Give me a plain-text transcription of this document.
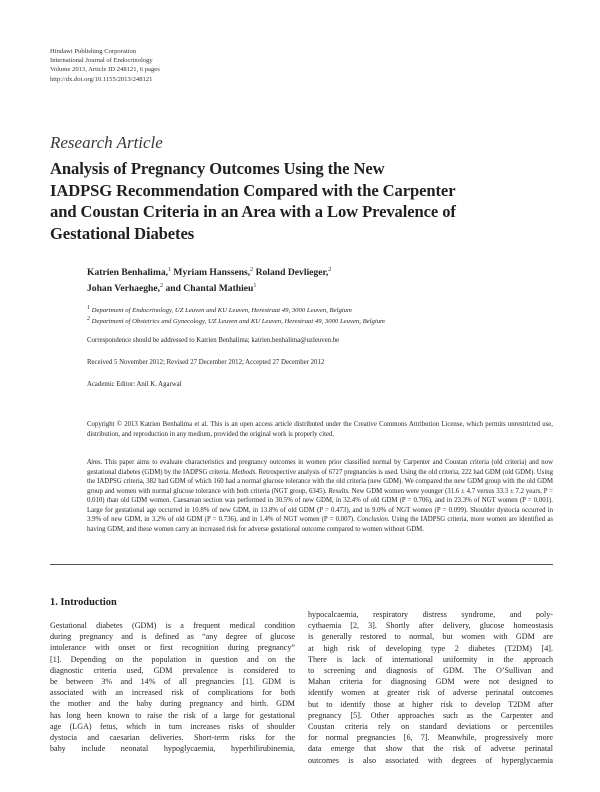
Hindawi Publishing Corporation
International Journal of Endocrinology
Volume 2013, Article ID 248121, 6 pages
http://dx.doi.org/10.1155/2013/248121
Research Article
Analysis of Pregnancy Outcomes Using the New
IADPSG Recommendation Compared with the Carpenter
and Coustan Criteria in an Area with a Low Prevalence of
Gestational Diabetes
Katrien Benhalima,$^1$ Myriam Hanssens,$^2$ Roland Devlieger,$^2$
Johan Verhaeghe,$^2$ and Chantal Mathieu$^1$
$^1$ Department of Endocrinology, UZ Leuven and KU Leuven, Herestraat 49, 3000 Leuven, Belgium
$^2$ Department of Obstetrics and Gynecology, UZ Leuven and KU Leuven, Herestraat 49, 3000 Leuven, Belgium
Correspondence should be addressed to Katrien Benhalima; katrien.benhalima@uzleuven.be
Received 5 November 2012; Revised 27 December 2012; Accepted 27 December 2012
Academic Editor: Anil K. Agarwal
Copyright © 2013 Katrien Benhalima et al. This is an open access article distributed under the Creative Commons Attribution License, which permits unrestricted use, distribution, and reproduction in any medium, provided the original work is properly cited.
Aims. This paper aims to evaluate characteristics and pregnancy outcomes in women prior classified normal by Carpenter and Coustan criteria (old criteria) and now gestational diabetes (GDM) by the IADPSG criteria. Methods. Retrospective analysis of 6727 pregnancies is used. Using the old criteria, 222 had GDM (old GDM). Using the IADPSG criteria, 382 had GDM of which 160 had a normal glucose tolerance with the old criteria (new GDM). We compared the new GDM group with the old GDM group and women with normal glucose tolerance with both criteria (NGT group, 6345). Results. New GDM women were younger (31.6 ± 4.7 versus 33.3 ± 7.2 years, P = 0.010) than old GDM women. Caesarean section was performed in 30.5% of new GDM, in 32.4% of old GDM (P = 0.706), and in 23.3% of NGT women (P = 0.001). Large for gestational age occurred in 10.8% of new GDM, in 13.8% of old GDM (P = 0.473), and in 9.0% of NGT women (P = 0.099). Shoulder dystocia occurred in 3.9% of new GDM, in 3.2% of old GDM (P = 0.736), and in 1.4% of NGT women (P = 0.007). Conclusion. Using the IADPSG criteria, more women are identified as having GDM, and these women carry an increased risk for adverse gestational outcome compared to women without GDM.
1. Introduction
Gestational diabetes (GDM) is a frequent medical condition
during pregnancy and is defined as “any degree of glucose
intolerance with onset or first recognition during pregnancy”
[1]. Depending on the population in question and on the
diagnostic criteria used, GDM prevalence is considered to
be between 3% and 14% of all pregnancies [1]. GDM is
associated with an increased risk of complications for both
the mother and the baby during pregnancy and birth. GDM
has long been known to raise the risk of a large for gestational
age (LGA) fetus, which in turn increases risks of shoulder
dystocia and caesarian deliveries. Short-term risks for the
baby include neonatal hypoglycaemia, hyperbilirubinemia,
hypocalcaemia, respiratory distress syndrome, and poly-
cythaemia [2, 3]. Shortly after delivery, glucose homeostasis
is generally restored to normal, but women with GDM are
at high risk of developing type 2 diabetes (T2DM) [4].
There is lack of international uniformity in the approach
to screening and diagnosis of GDM. The O’Sullivan and
Mahan criteria for diagnosing GDM were not designed to
identify women at greater risk of adverse perinatal outcomes
but to identify those at higher risk to develop T2DM after
pregnancy [5]. Other approaches such as the Carpenter and
Coustan criteria rely on standard deviations or percentiles
for normal pregnancies [6, 7]. Meanwhile, progressively more
data emerge that show that the risk of adverse perinatal
outcomes is also associated with degrees of hyperglycaemia
